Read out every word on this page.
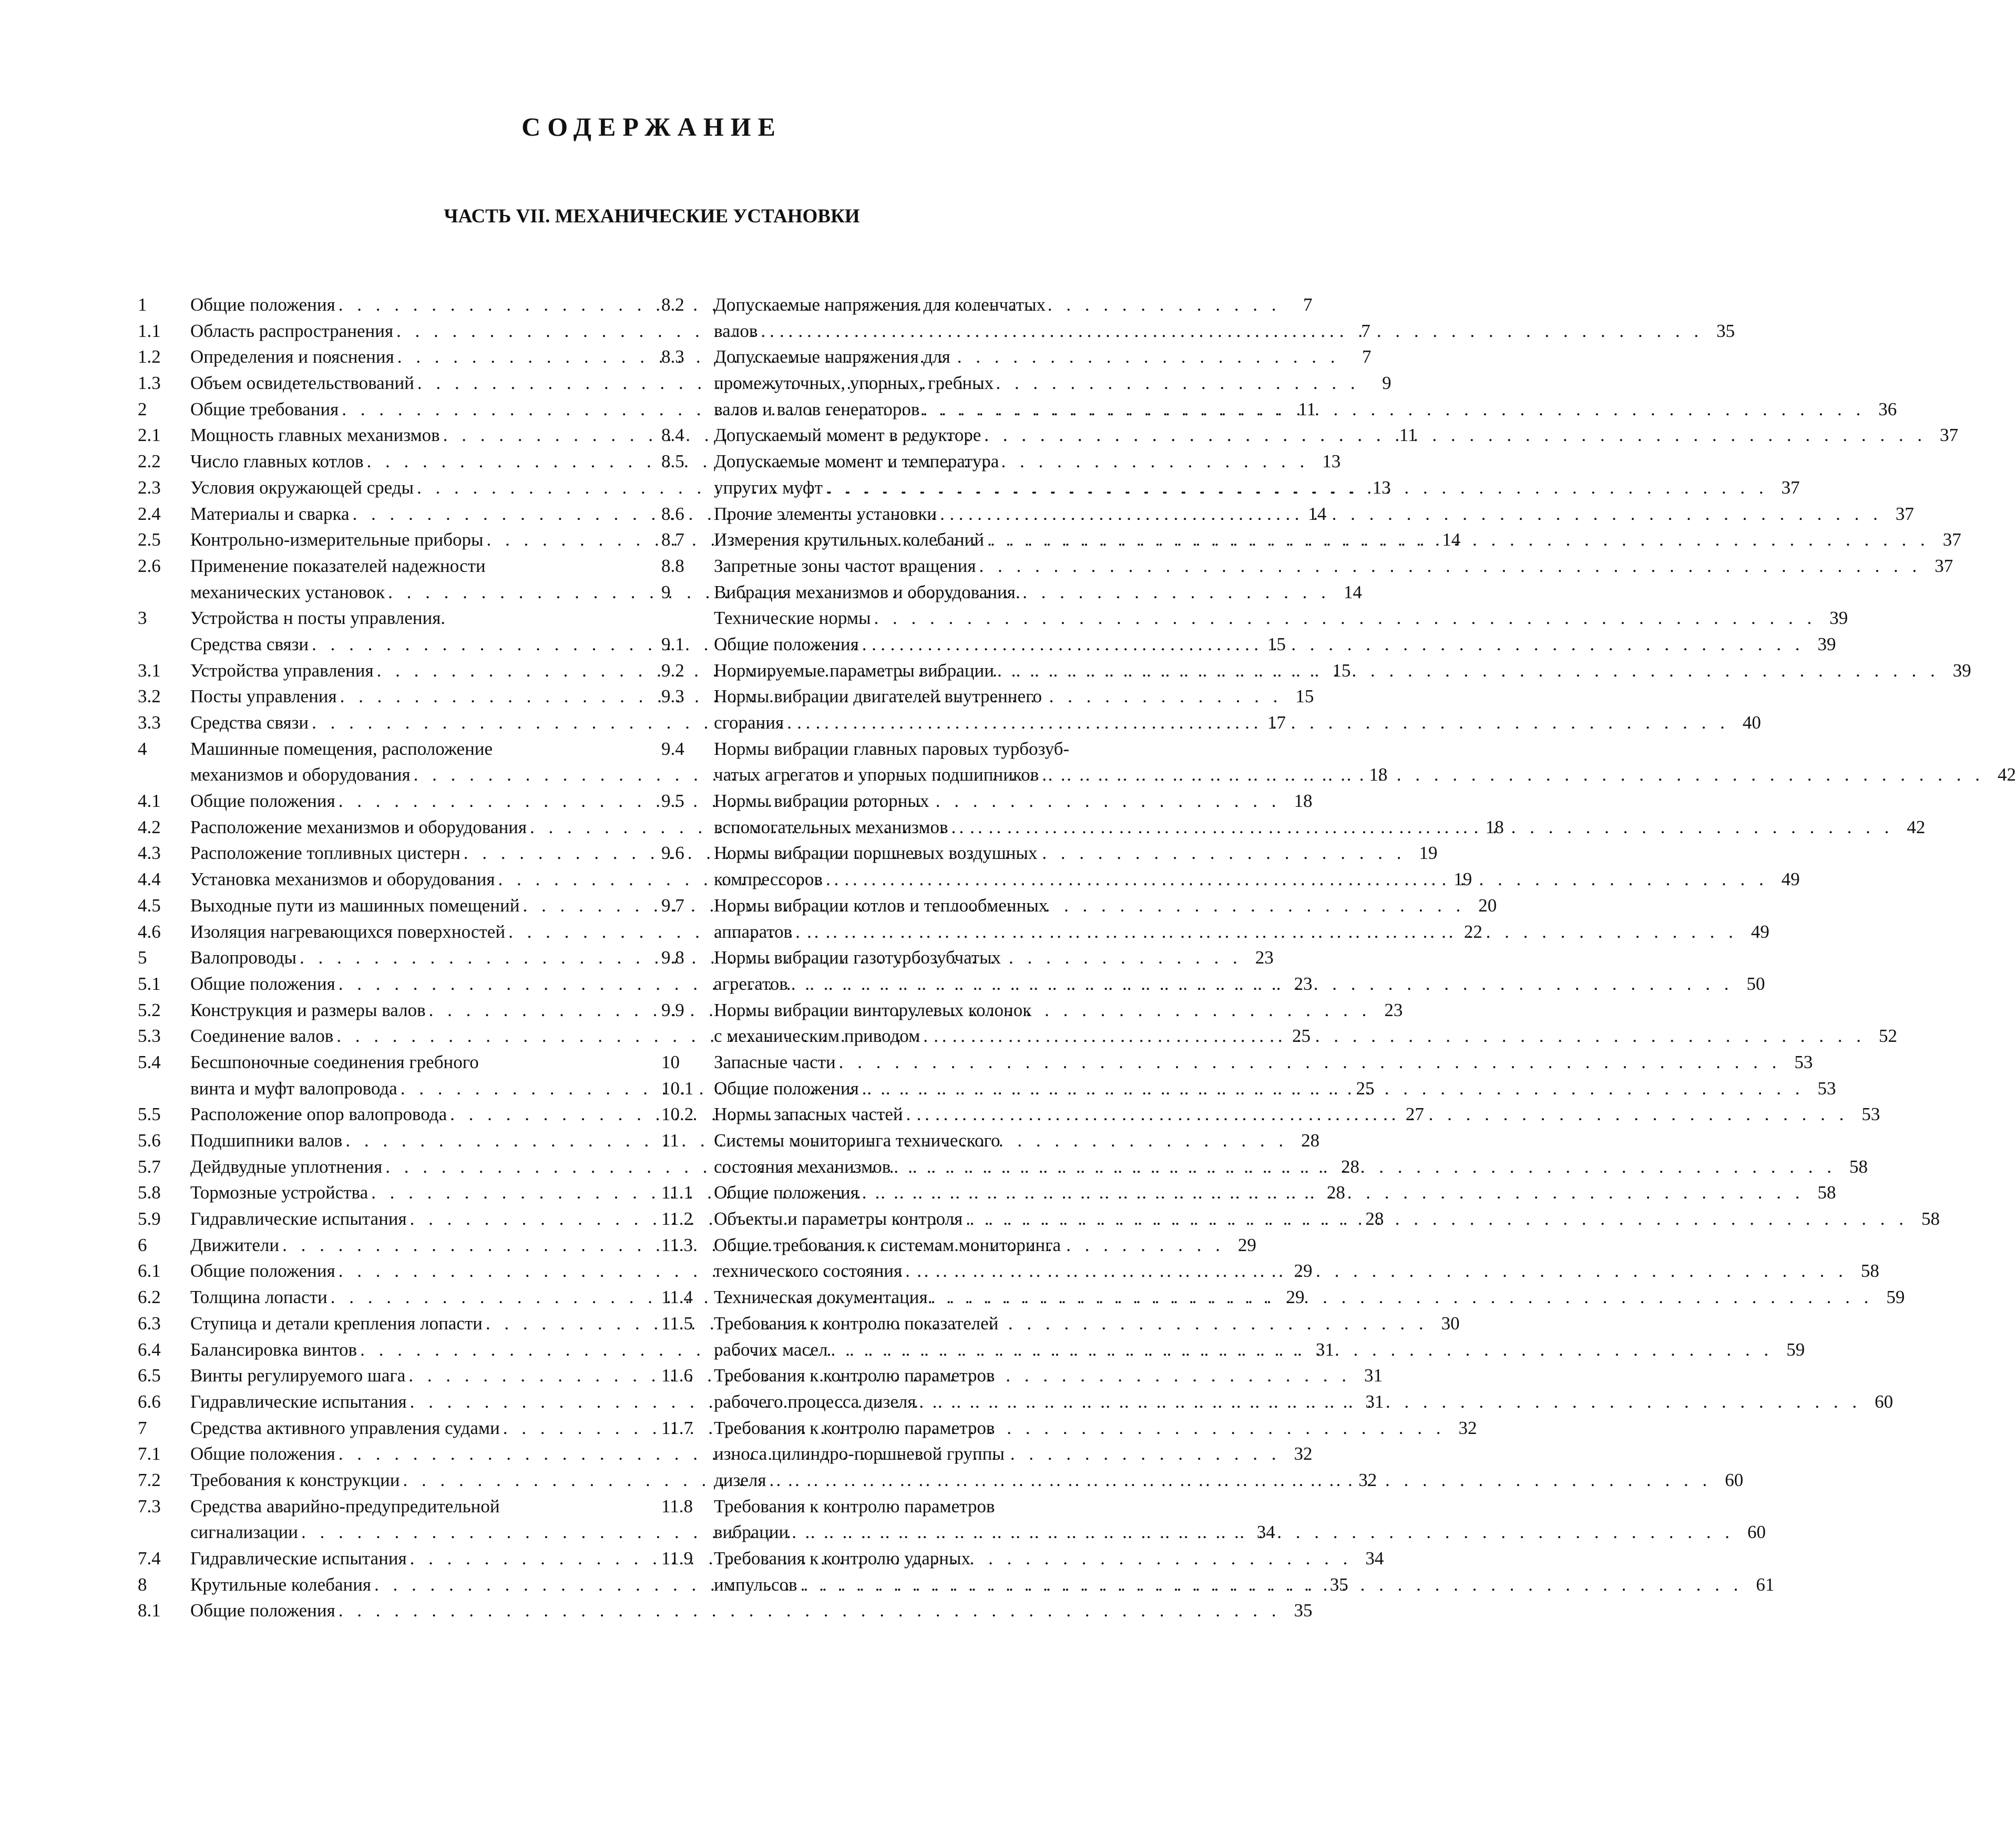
СОДЕРЖАНИЕ
ЧАСТЬ VII. МЕХАНИЧЕСКИЕ УСТАНОВКИ
1	Общие положения . . .	7
1.1	Область распространения . . .	7
1.2	Определения и пояснения . . .	7
1.3	Объем освидетельствований . . .	9
2	Общие требования . . .	11
2.1	Мощность главных механизмов . . .	11
2.2	Число главных котлов . . .	13
2.3	Условия окружающей среды . . .	13
2.4	Материалы и сварка . . .	14
2.5	Контрольно-измерительные приборы . . .	14
2.6	Применение показателей надежности
механических установок . . .	14
3	Устройства н посты управления.
Средства связи . . .	15
3.1	Устройства управления . . .	15
3.2	Посты управления . . .	15
3.3	Средства связи . . .	17
4	Машинные помещения, расположение
механизмов и оборудования . . .	18
4.1	Общие положения . . .	18
4.2	Расположение механизмов и оборудования . . .	18
4.3	Расположение топливных цистерн . . .	19
4.4	Установка механизмов и оборудования . . .	19
4.5	Выходные пути из машинных помещений . . .	20
4.6	Изоляция нагревающихся поверхностей . . .	22
5	Валопроводы . . .	23
5.1	Общие положения . . .	23
5.2	Конструкция и размеры валов . . .	23
5.3	Соединение валов . . .	25
5.4	Бесшпоночные соединения гребного
винта и муфт валопровода . . .	25
5.5	Расположение опор валопровода . . .	27
5.6	Подшипники валов . . .	28
5.7	Дейдвудные уплотнения . . .	28
5.8	Тормозные устройства . . .	28
5.9	Гидравлические испытания . . .	28
6	Движители . . .	29
6.1	Общие положения . . .	29
6.2	Толщина лопасти . . .	29
6.3	Ступица и детали крепления лопасти . . .	30
6.4	Балансировка винтов . . .	31
6.5	Винты регулируемого шага . . .	31
6.6	Гидравлические испытания . . .	31
7	Средства активного управления судами . . .	32
7.1	Общие положения . . .	32
7.2	Требования к конструкции . . .	32
7.3	Средства аварийно-предупредительной
сигнализации . . .	34
7.4	Гидравлические испытания . . .	34
8	Крутильные колебания . . .	35
8.1	Общие положения . . .	35
8.2	Допускаемые напряжения для коленчатых
валов . . .	35
8.3	Допускаемые напряжения для
промежуточных, упорных, гребных
валов и валов генераторов . . .	36
8.4	Допускаемый момент в редукторе . . .	37
8.5	Допускаемые момент и температура
упругих муфт . . .	37
8.6	Прочие элементы установки . . .	37
8.7	Измерения крутильных колебаний . . .	37
8.8	Запретные зоны частот вращения . . .	37
9	Вибрация механизмов и оборудования.
Технические нормы . . .	39
9.1	Общие положения . . .	39
9.2	Нормируемые параметры вибрации . . .	39
9.3	Нормы вибрации двигателей внутреннего
сгорания . . .	40
9.4	Нормы вибрации главных паровых турбозуб-
чатых агрегатов и упорных подшипников . . .	42
9.5	Нормы вибрации роторных
вспомогательных механизмов . . .	42
9.6	Нормы вибрации поршневых воздушных
компрессоров . . .	49
9.7	Нормы вибрации котлов и теплообменных
аппаратов . . .	49
9.8	Нормы вибрации газотурбозубчатых
агрегатов . . .	50
9.9	Нормы вибрации винторулевых колонок
с механическим приводом . . .	52
10	Запасные части . . .	53
10.1	Общие положения . . .	53
10.2	Нормы запасных частей . . .	53
11	Системы мониторинга технического
состояния механизмов . . .	58
11.1	Общие положения . . .	58
11.2	Объекты и параметры контроля . . .	58
11.3	Общие требования к системам мониторинга
технического состояния . . .	58
11.4	Техническая документация . . .	59
11.5	Требования к контролю показателей
рабочих масел . . .	59
11.6	Требования к контролю параметров
рабочего процесса дизеля . . .	60
11.7	Требования к контролю параметров
износа цилиндро-поршневой группы
дизеля . . .	60
11.8	Требования к контролю параметров
вибрации . . .	60
11.9	Требования к контролю ударных
импульсов . . .	61
